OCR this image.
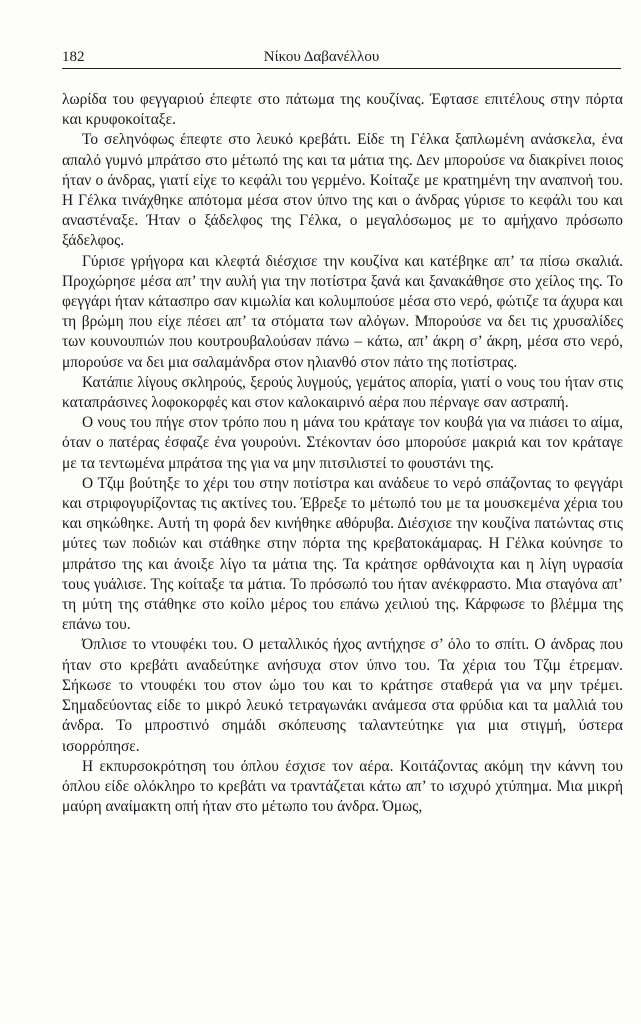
182	Νίκου Δαβανέλλου

λωρίδα του φεγγαριού έπεφτε στο πάτωμα της κουζίνας. Έφτασε επιτέλους στην πόρτα και κρυφοκοίταξε.

Το σεληνόφως έπεφτε στο λευκό κρεβάτι. Είδε τη Γέλκα ξαπλωμένη ανάσκελα, ένα απαλό γυμνό μπράτσο στο μέτωπό της και τα μάτια της. Δεν μπορούσε να διακρίνει ποιος ήταν ο άνδρας, γιατί είχε το κεφάλι του γερμένο. Κοίταζε με κρατημένη την αναπνοή του. Η Γέλκα τινάχθηκε απότομα μέσα στον ύπνο της και ο άνδρας γύρισε το κεφάλι του και αναστέναξε. Ήταν ο ξάδελφος της Γέλκα, ο μεγαλόσωμος με το αμήχανο πρόσωπο ξάδελφος.

Γύρισε γρήγορα και κλεφτά διέσχισε την κουζίνα και κατέβηκε απ’ τα πίσω σκαλιά. Προχώρησε μέσα απ’ την αυλή για την ποτίστρα ξανά και ξανακάθησε στο χείλος της. Το φεγγάρι ήταν κάτασπρο σαν κιμωλία και κολυμπούσε μέσα στο νερό, φώτιζε τα άχυρα και τη βρώμη που είχε πέσει απ’ τα στόματα των αλόγων. Μπορούσε να δει τις χρυσαλίδες των κουνουπιών που κουτρουβαλούσαν πάνω – κάτω, απ’ άκρη σ’ άκρη, μέσα στο νερό, μπορούσε να δει μια σαλαμάνδρα στον ηλιανθό στον πάτο της ποτίστρας.

Κατάπιε λίγους σκληρούς, ξερούς λυγμούς, γεμάτος απορία, γιατί ο νους του ήταν στις καταπράσινες λοφοκορφές και στον καλοκαιρινό αέρα που πέρναγε σαν αστραπή.

Ο νους του πήγε στον τρόπο που η μάνα του κράταγε τον κουβά για να πιάσει το αίμα, όταν ο πατέρας έσφαζε ένα γουρούνι. Στέκονταν όσο μπορούσε μακριά και τον κράταγε με τα τεντωμένα μπράτσα της για να μην πιτσιλιστεί το φουστάνι της.

Ο Τζιμ βούτηξε το χέρι του στην ποτίστρα και ανάδευε το νερό σπάζοντας το φεγγάρι και στριφογυρίζοντας τις ακτίνες του. Έβρεξε το μέτωπό του με τα μουσκεμένα χέρια του και σηκώθηκε. Αυτή τη φορά δεν κινήθηκε αθόρυβα. Διέσχισε την κουζίνα πατώντας στις μύτες των ποδιών και στάθηκε στην πόρτα της κρεβατοκάμαρας. Η Γέλκα κούνησε το μπράτσο της και άνοιξε λίγο τα μάτια της. Τα κράτησε ορθάνοιχτα και η λίγη υγρασία τους γυάλισε. Της κοίταξε τα μάτια. Το πρόσωπό του ήταν ανέκφραστο. Μια σταγόνα απ’ τη μύτη της στάθηκε στο κοίλο μέρος του επάνω χειλιού της. Κάρφωσε το βλέμμα της επάνω του.

Όπλισε το ντουφέκι του. Ο μεταλλικός ήχος αντήχησε σ’ όλο το σπίτι. Ο άνδρας που ήταν στο κρεβάτι αναδεύτηκε ανήσυχα στον ύπνο του. Τα χέρια του Τζιμ έτρεμαν. Σήκωσε το ντουφέκι του στον ώμο του και το κράτησε σταθερά για να μην τρέμει. Σημαδεύοντας είδε το μικρό λευκό τετραγωνάκι ανάμεσα στα φρύδια και τα μαλλιά του άνδρα. Το μπροστινό σημάδι σκόπευσης ταλαντεύτηκε για μια στιγμή, ύστερα ισορρόπησε.

Η εκπυρσοκρότηση του όπλου έσχισε τον αέρα. Κοιτάζοντας ακόμη την κάννη του όπλου είδε ολόκληρο το κρεβάτι να τραντάζεται κάτω απ’ το ισχυρό χτύπημα. Μια μικρή μαύρη αναίμακτη οπή ήταν στο μέτωπο του άνδρα. Όμως,
